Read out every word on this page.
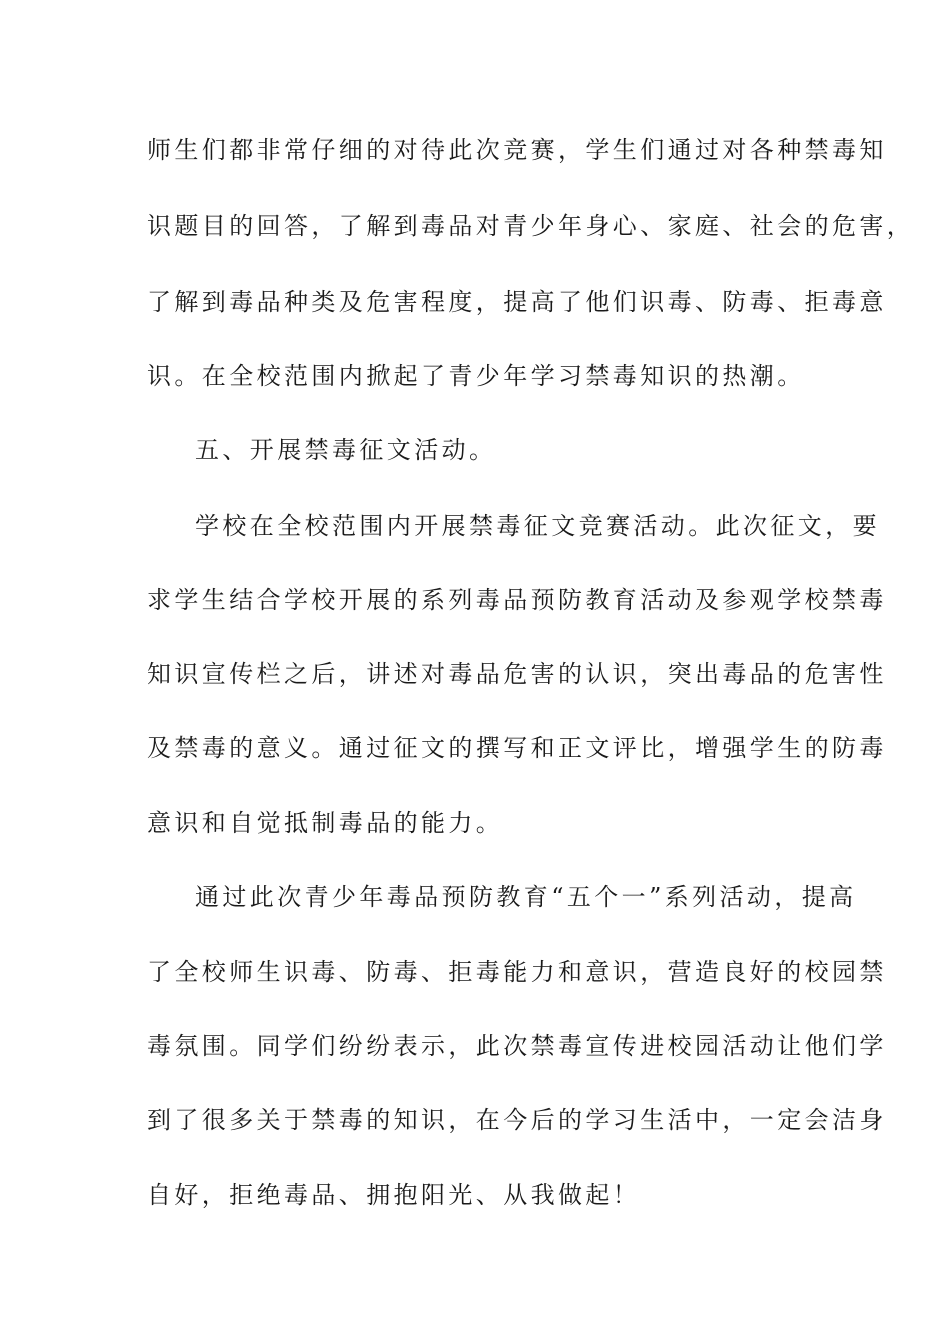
师生们都非常仔细的对待此次竞赛，学生们通过对各种禁毒知
识题目的回答，了解到毒品对青少年身心、家庭、社会的危害，
了解到毒品种类及危害程度，提高了他们识毒、防毒、拒毒意
识。在全校范围内掀起了青少年学习禁毒知识的热潮。
五、开展禁毒征文活动。
学校在全校范围内开展禁毒征文竞赛活动。此次征文，要
求学生结合学校开展的系列毒品预防教育活动及参观学校禁毒
知识宣传栏之后，讲述对毒品危害的认识，突出毒品的危害性
及禁毒的意义。通过征文的撰写和正文评比，增强学生的防毒
意识和自觉抵制毒品的能力。
通过此次青少年毒品预防教育“五个一”系列活动，提高
了全校师生识毒、防毒、拒毒能力和意识，营造良好的校园禁
毒氛围。同学们纷纷表示，此次禁毒宣传进校园活动让他们学
到了很多关于禁毒的知识，在今后的学习生活中，一定会洁身
自好，拒绝毒品、拥抱阳光、从我做起！
